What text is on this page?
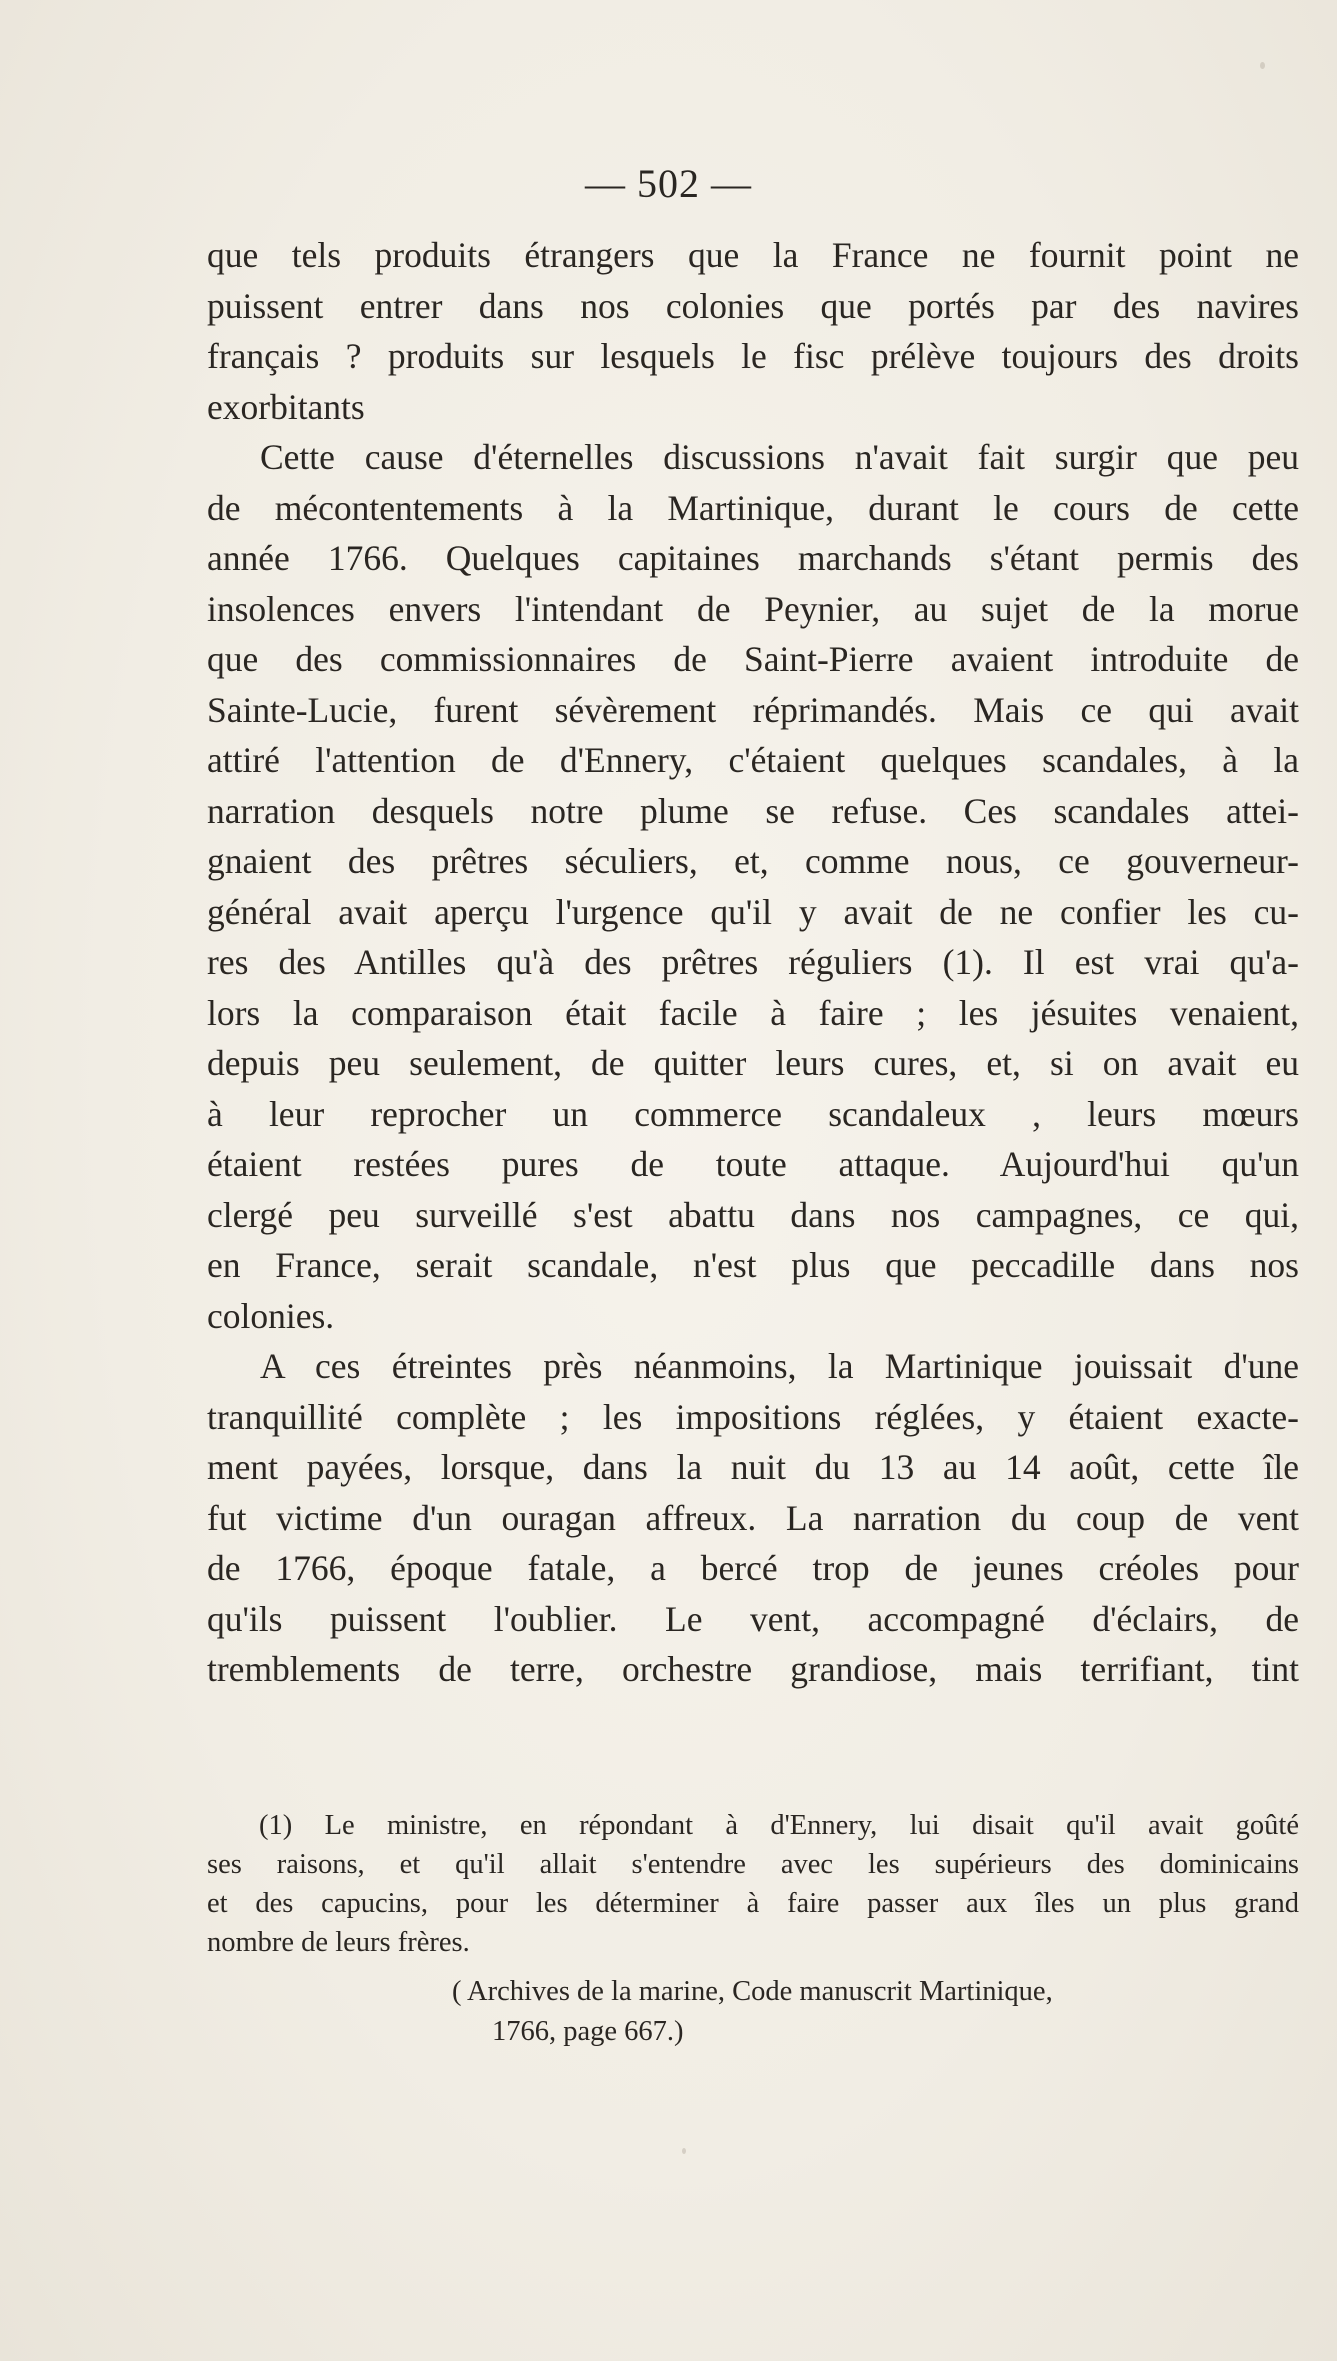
— 502 —
que tels produits étrangers que la France ne fournit point ne
puissent entrer dans nos colonies que portés par des navires
français ? produits sur lesquels le fisc prélève toujours des droits
exorbitants
Cette cause d'éternelles discussions n'avait fait surgir que peu
de mécontentements à la Martinique, durant le cours de cette
année 1766. Quelques capitaines marchands s'étant permis des
insolences envers l'intendant de Peynier, au sujet de la morue
que des commissionnaires de Saint-Pierre avaient introduite de
Sainte-Lucie, furent sévèrement réprimandés. Mais ce qui avait
attiré l'attention de d'Ennery, c'étaient quelques scandales, à la
narration desquels notre plume se refuse. Ces scandales attei-
gnaient des prêtres séculiers, et, comme nous, ce gouverneur-
général avait aperçu l'urgence qu'il y avait de ne confier les cu-
res des Antilles qu'à des prêtres réguliers (1). Il est vrai qu'a-
lors la comparaison était facile à faire ; les jésuites venaient,
depuis peu seulement, de quitter leurs cures, et, si on avait eu
à leur reprocher un commerce scandaleux , leurs mœurs
étaient restées pures de toute attaque. Aujourd'hui qu'un
clergé peu surveillé s'est abattu dans nos campagnes, ce qui,
en France, serait scandale, n'est plus que peccadille dans nos
colonies.
A ces étreintes près néanmoins, la Martinique jouissait d'une
tranquillité complète ; les impositions réglées, y étaient exacte-
ment payées, lorsque, dans la nuit du 13 au 14 août, cette île
fut victime d'un ouragan affreux. La narration du coup de vent
de 1766, époque fatale, a bercé trop de jeunes créoles pour
qu'ils puissent l'oublier. Le vent, accompagné d'éclairs, de
tremblements de terre, orchestre grandiose, mais terrifiant, tint
(1) Le ministre, en répondant à d'Ennery, lui disait qu'il avait goûté
ses raisons, et qu'il allait s'entendre avec les supérieurs des dominicains
et des capucins, pour les déterminer à faire passer aux îles un plus grand
nombre de leurs frères.
( Archives de la marine, Code manuscrit Martinique,
1766, page 667.)
